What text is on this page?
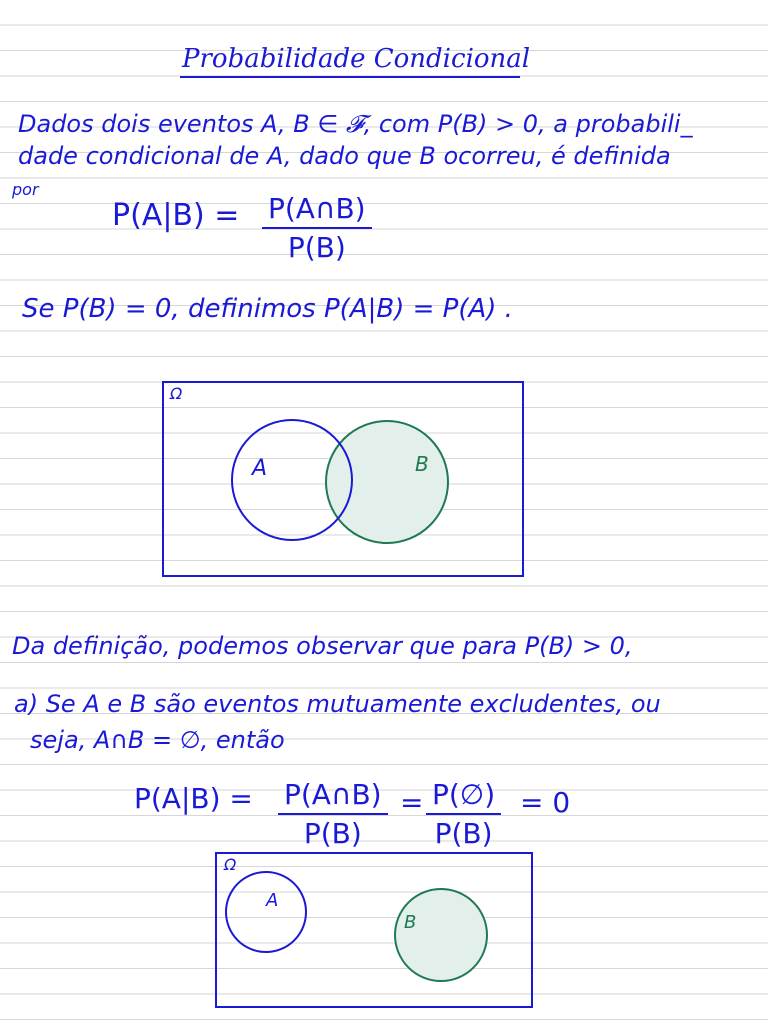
Probabilidade Condicional
Dados dois eventos A, B ∈ 𝓕, com P(B) > 0, a probabili_
dade condicional de A, dado que B ocorreu, é definida
por
P(A|B) = P(A∩B)
P(B)
Se P(B) = 0, definimos P(A|B) = P(A) .
Ω
A	B
Da definição, podemos observar que para P(B) > 0,
a) Se A e B são eventos mutuamente excludentes, ou
seja, A∩B = ∅, então
P(A|B) = P(A∩B)
P(B)
= P(∅)
P(B)
= 0
Ω
A
B
